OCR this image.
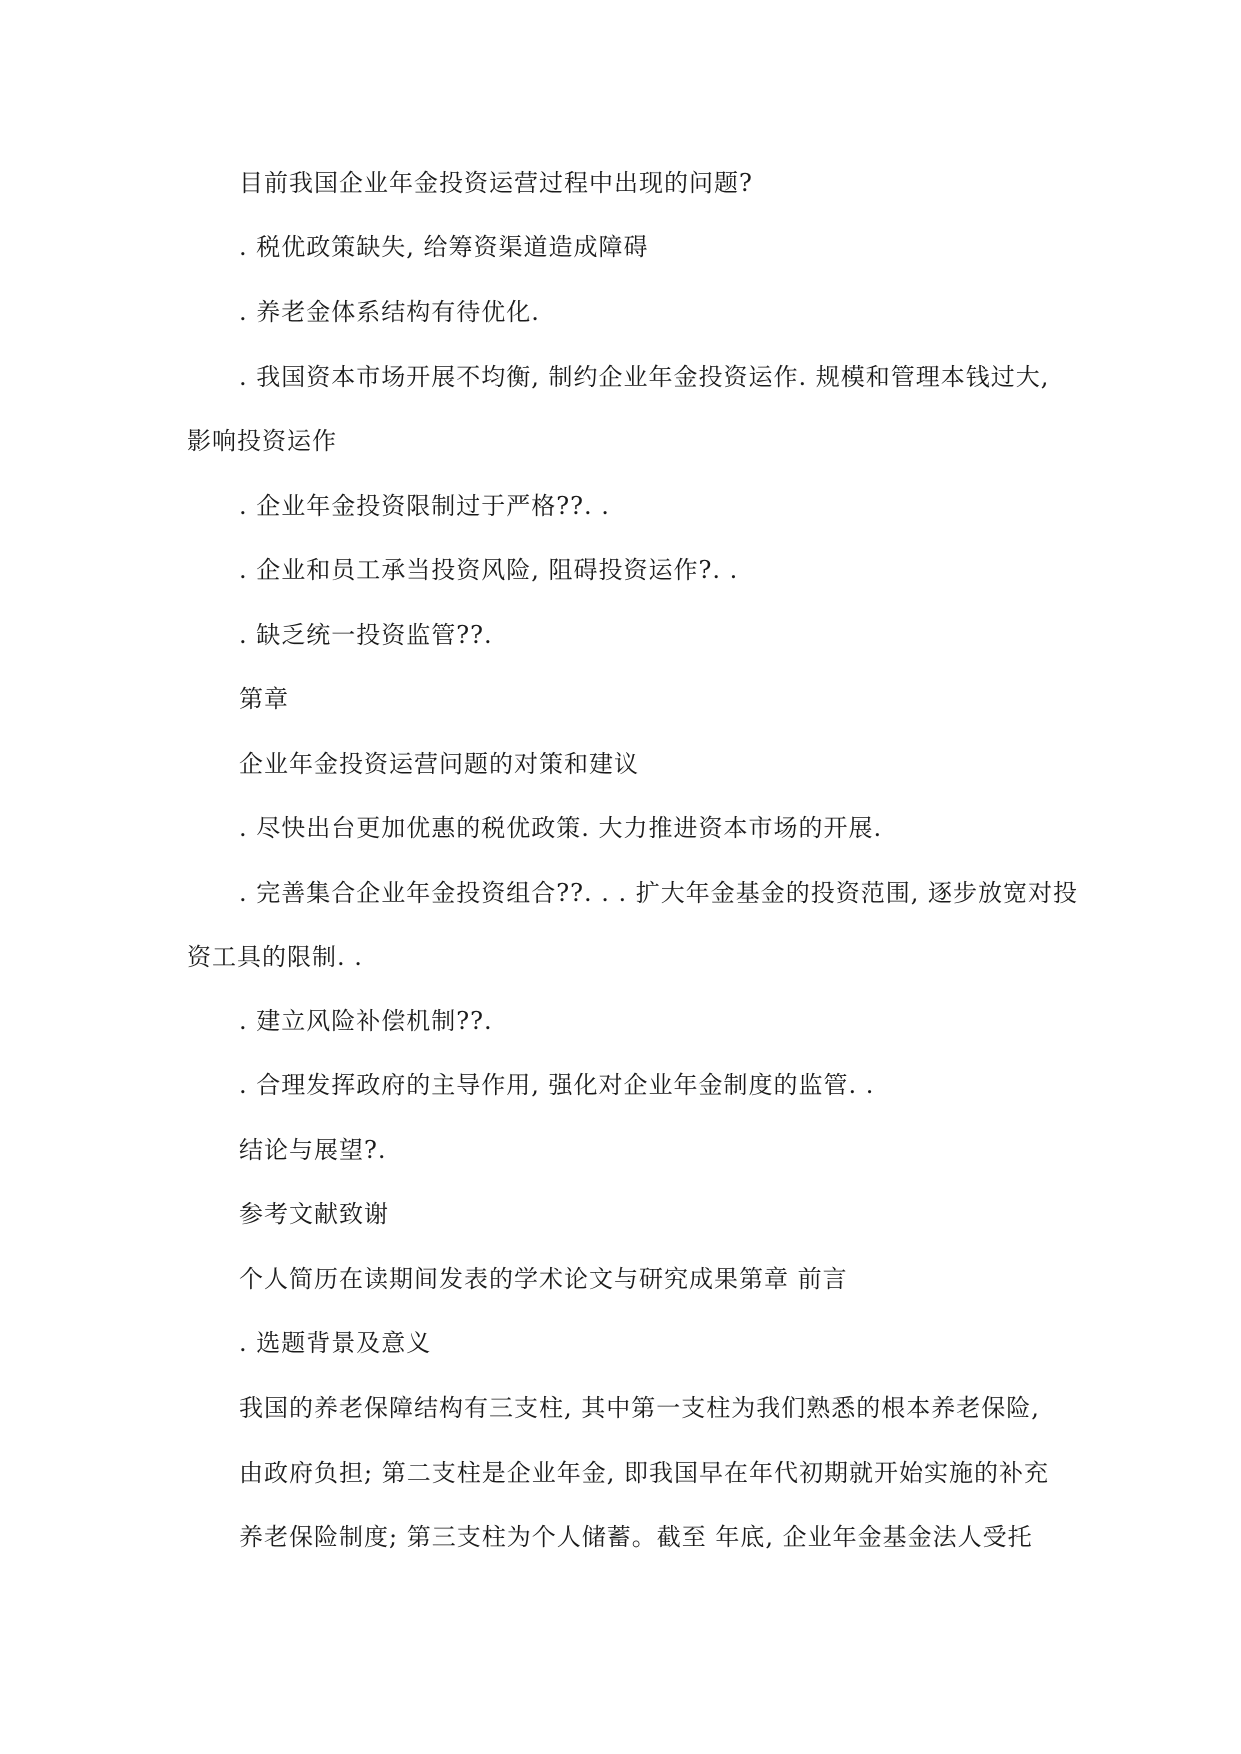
目前我国企业年金投资运营过程中出现的问题?
. 税优政策缺失, 给筹资渠道造成障碍
. 养老金体系结构有待优化.
. 我国资本市场开展不均衡, 制约企业年金投资运作. 规模和管理本钱过大,
影响投资运作
. 企业年金投资限制过于严格??. .
. 企业和员工承当投资风险, 阻碍投资运作?. .
. 缺乏统一投资监管??.
第章
企业年金投资运营问题的对策和建议
. 尽快出台更加优惠的税优政策. 大力推进资本市场的开展.
. 完善集合企业年金投资组合??. . . 扩大年金基金的投资范围, 逐步放宽对投
资工具的限制. .
. 建立风险补偿机制??.
. 合理发挥政府的主导作用, 强化对企业年金制度的监管. .
结论与展望?.
参考文献致谢
个人简历在读期间发表的学术论文与研究成果第章 前言
. 选题背景及意义
我国的养老保障结构有三支柱, 其中第一支柱为我们熟悉的根本养老保险,
由政府负担; 第二支柱是企业年金, 即我国早在年代初期就开始实施的补充
养老保险制度; 第三支柱为个人储蓄。截至 年底, 企业年金基金法人受托
